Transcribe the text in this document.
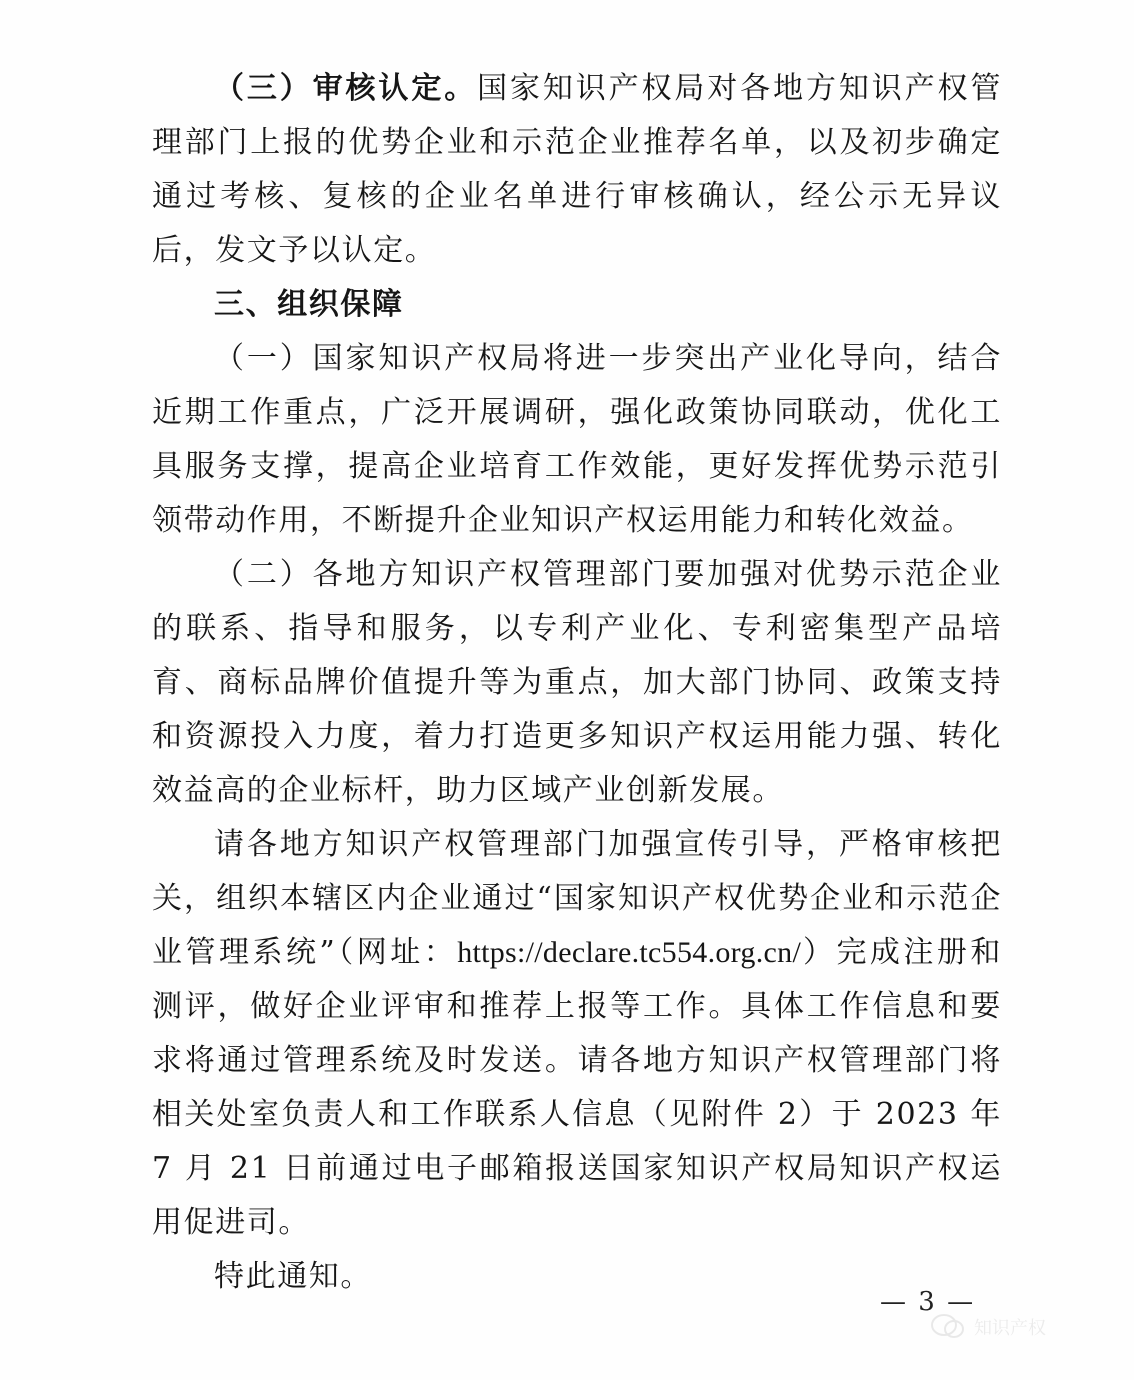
（三）审核认定。国家知识产权局对各地方知识产权管理部门上报的优势企业和示范企业推荐名单，以及初步确定通过考核、复核的企业名单进行审核确认，经公示无异议后，发文予以认定。

三、组织保障

（一）国家知识产权局将进一步突出产业化导向，结合近期工作重点，广泛开展调研，强化政策协同联动，优化工具服务支撑，提高企业培育工作效能，更好发挥优势示范引领带动作用，不断提升企业知识产权运用能力和转化效益。

（二）各地方知识产权管理部门要加强对优势示范企业的联系、指导和服务，以专利产业化、专利密集型产品培育、商标品牌价值提升等为重点，加大部门协同、政策支持和资源投入力度，着力打造更多知识产权运用能力强、转化效益高的企业标杆，助力区域产业创新发展。

请各地方知识产权管理部门加强宣传引导，严格审核把关，组织本辖区内企业通过“国家知识产权优势企业和示范企业管理系统”（网址：https://declare.tc554.org.cn/）完成注册和测评，做好企业评审和推荐上报等工作。具体工作信息和要求将通过管理系统及时发送。请各地方知识产权管理部门将相关处室负责人和工作联系人信息（见附件 2）于 2023 年 7 月 21 日前通过电子邮箱报送国家知识产权局知识产权运用促进司。

特此通知。

— 3 —
知识产权
